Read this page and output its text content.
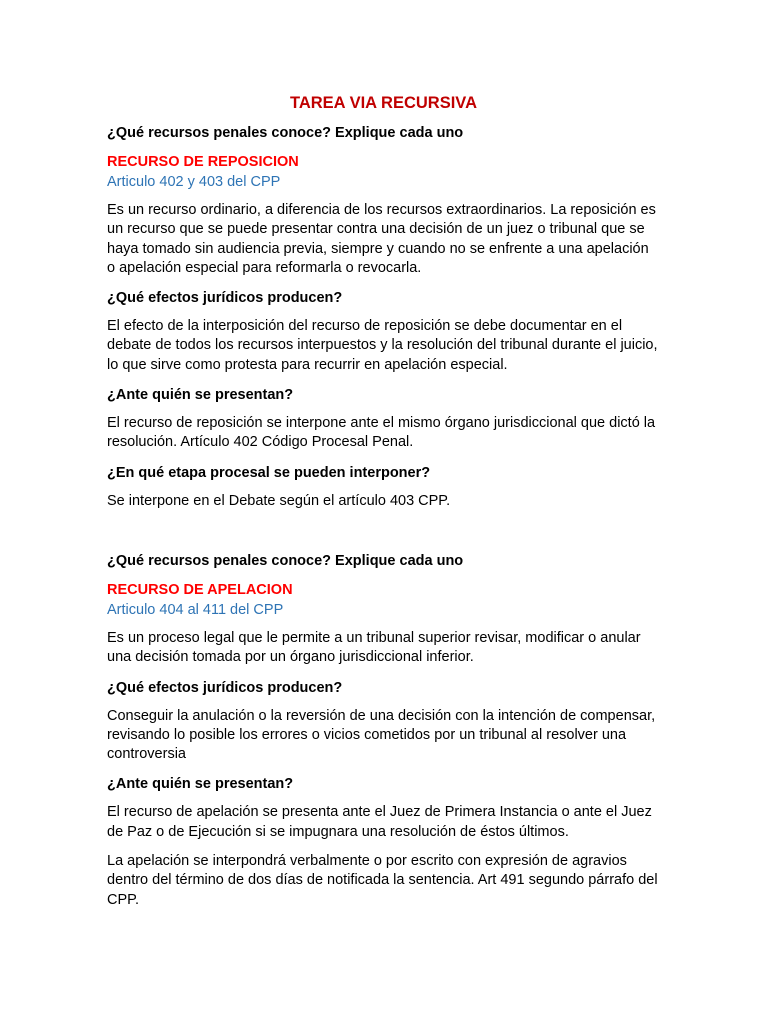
TAREA VIA RECURSIVA
¿Qué recursos penales conoce? Explique cada uno
RECURSO DE REPOSICION
Articulo 402 y 403 del CPP
Es un recurso ordinario, a diferencia de los recursos extraordinarios. La reposición es un recurso que se puede presentar contra una decisión de un juez o tribunal que se haya tomado sin audiencia previa, siempre y cuando no se enfrente a una apelación o apelación especial para reformarla o revocarla.
¿Qué efectos jurídicos producen?
El efecto de la interposición del recurso de reposición se debe documentar en el debate de todos los recursos interpuestos y la resolución del tribunal durante el juicio, lo que sirve como protesta para recurrir en apelación especial.
¿Ante quién se presentan?
El recurso de reposición se interpone ante el mismo órgano jurisdiccional que dictó la resolución. Artículo 402 Código Procesal Penal.
¿En qué etapa procesal se pueden interponer?
Se interpone en el Debate según el artículo 403 CPP.
¿Qué recursos penales conoce? Explique cada uno
RECURSO DE APELACION
Articulo 404 al 411 del CPP
Es un proceso legal que le permite a un tribunal superior revisar, modificar o anular una decisión tomada por un órgano jurisdiccional inferior.
¿Qué efectos jurídicos producen?
Conseguir la anulación o la reversión de una decisión con la intención de compensar, revisando lo posible los errores o vicios cometidos por un tribunal al resolver una controversia
¿Ante quién se presentan?
El recurso de apelación se presenta ante el Juez de Primera Instancia o ante el Juez de Paz o de Ejecución si se impugnara una resolución de éstos últimos.
La apelación se interpondrá verbalmente o por escrito con expresión de agravios dentro del término de dos días de notificada la sentencia. Art 491 segundo párrafo del CPP.
